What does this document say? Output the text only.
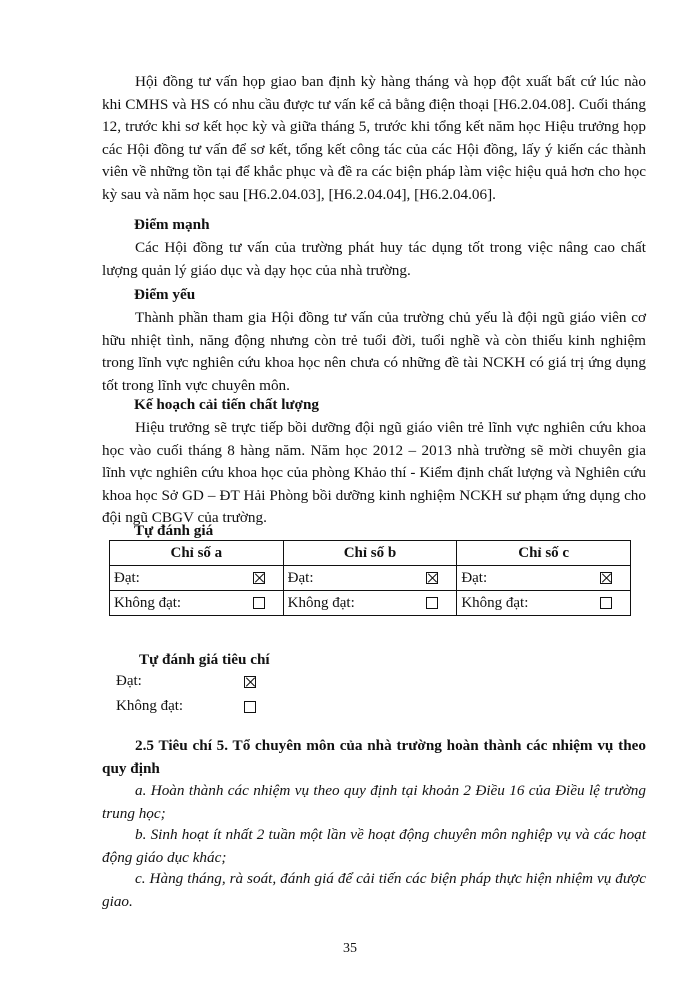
Hội đồng tư vấn họp giao ban định kỳ hàng tháng và họp đột xuất bất cứ lúc nào khi CMHS và HS có nhu cầu được tư vấn kể cả bằng điện thoại [H6.2.04.08]. Cuối tháng 12, trước khi sơ kết học kỳ và giữa tháng 5, trước khi tổng kết năm học Hiệu trưởng họp các Hội đồng tư vấn để sơ kết, tổng kết công tác của các Hội đồng, lấy ý kiến các thành viên về những tồn tại để khắc phục và đề ra các biện pháp làm việc hiệu quả hơn cho học kỳ sau và năm học sau [H6.2.04.03], [H6.2.04.04], [H6.2.04.06].

Điểm mạnh

Các Hội đồng tư vấn của trường phát huy tác dụng tốt trong việc nâng cao chất lượng quản lý giáo dục và dạy học của nhà trường.

Điểm yếu

Thành phần tham gia Hội đồng tư vấn của trường chủ yếu là đội ngũ giáo viên cơ hữu nhiệt tình, năng động nhưng còn trẻ tuổi đời, tuổi nghề và còn thiếu kinh nghiệm trong lĩnh vực nghiên cứu khoa học nên chưa có những đề tài NCKH có giá trị ứng dụng tốt trong lĩnh vực chuyên môn.

Kế hoạch cải tiến chất lượng

Hiệu trưởng sẽ trực tiếp bồi dưỡng đội ngũ giáo viên trẻ lĩnh vực nghiên cứu khoa học vào cuối tháng 8 hàng năm. Năm học 2012 – 2013 nhà trường sẽ mời chuyên gia lĩnh vực nghiên cứu khoa học của phòng Khảo thí - Kiểm định chất lượng và Nghiên cứu khoa học Sở GD – ĐT Hải Phòng bồi dưỡng kinh nghiệm NCKH sư phạm ứng dụng cho đội ngũ CBGV của trường.

Tự đánh giá

Chỉ số a	Chỉ số b	Chỉ số c

Đạt:	Đạt:	Đạt:

Không đạt:	Không đạt:	Không đạt:

Tự đánh giá tiêu chí

Đạt:
Không đạt:

2.5 Tiêu chí 5. Tổ chuyên môn của nhà trường hoàn thành các nhiệm vụ theo quy định

a. Hoàn thành các nhiệm vụ theo quy định tại khoản 2 Điều 16 của Điều lệ trường trung học;

b. Sinh hoạt ít nhất 2 tuần một lần về hoạt động chuyên môn nghiệp vụ và các hoạt động giáo dục khác;

c. Hàng tháng, rà soát, đánh giá để cải tiến các biện pháp thực hiện nhiệm vụ được giao.

35
